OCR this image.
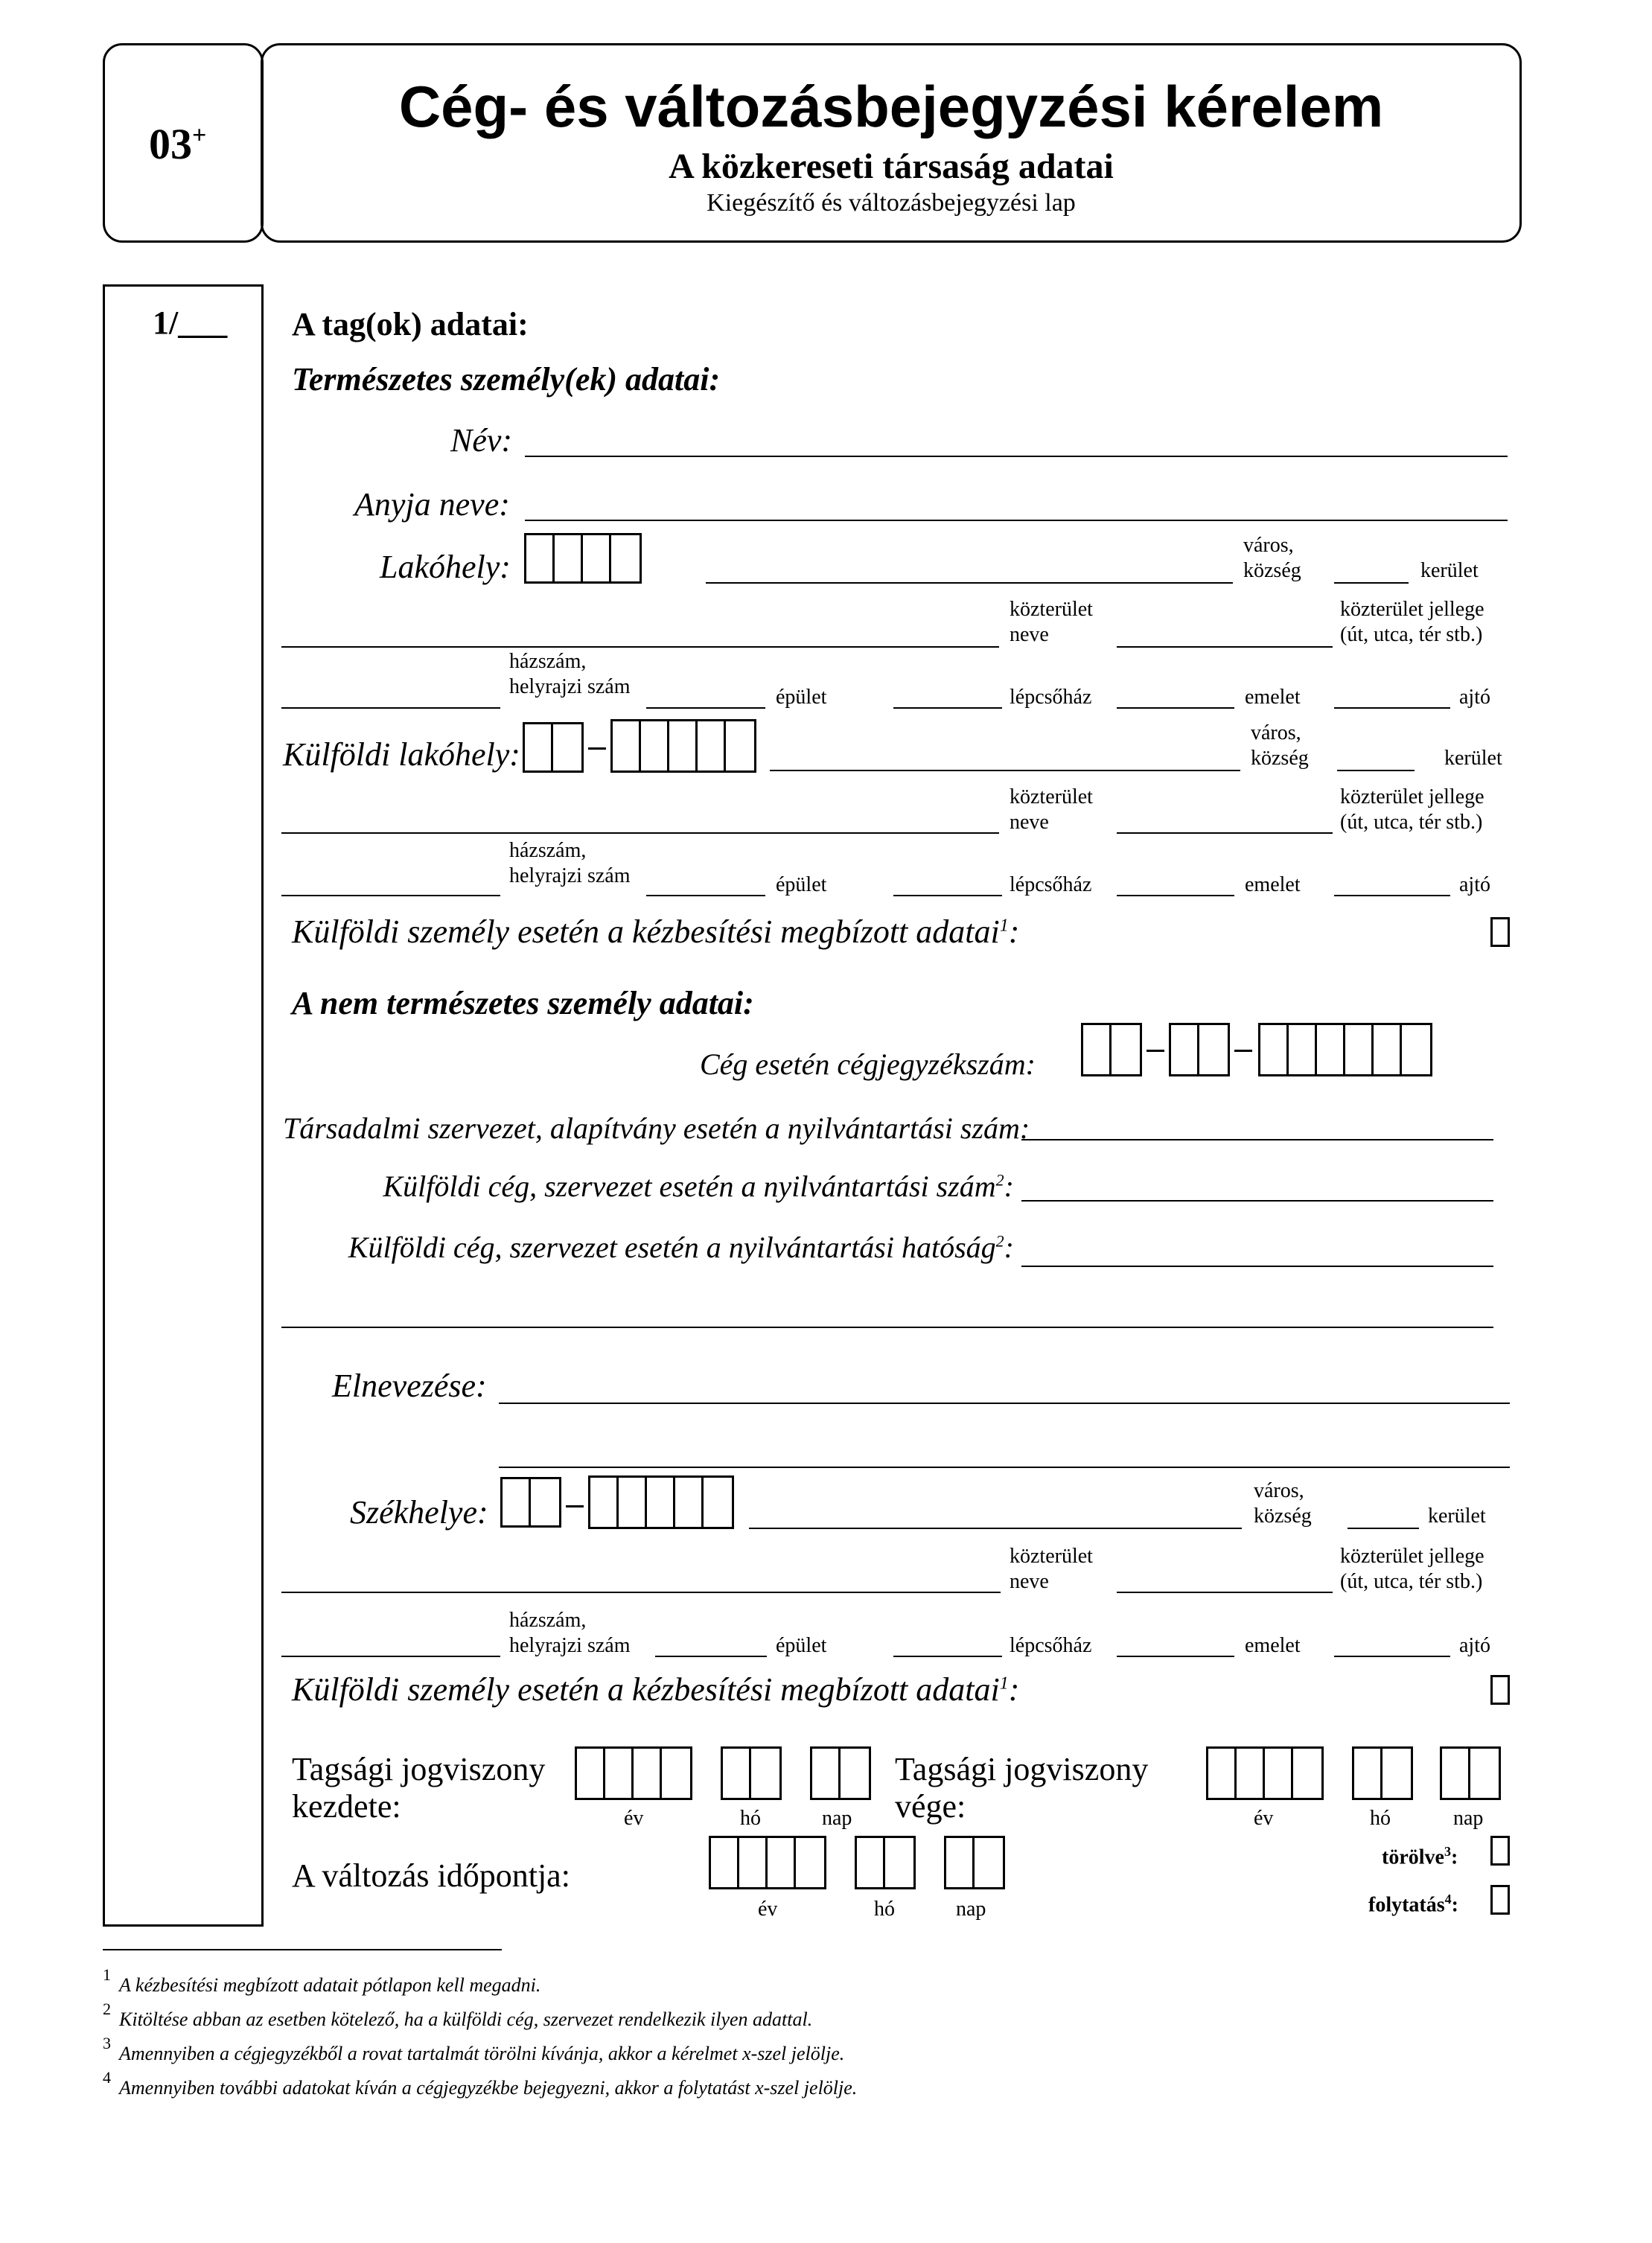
03+	Cég- és változásbejegyzési kérelem
A közkereseti társaság adatai
Kiegészítő és változásbejegyzési lap
1/___ A tag(ok) adatai:
Természetes személy(ek) adatai:
Név:
Anyja neve:
Lakóhely:
város,
község	kerület
közterület
neve
közterület jellege
(út, utca, tér stb.)
házszám,
helyrajzi szám	épület	lépcsőház	emelet	ajtó
Külföldi lakóhely:
város,
község	kerület
közterület
neve
közterület jellege
(út, utca, tér stb.)
házszám,
helyrajzi szám	épület	lépcsőház	emelet	ajtó
Külföldi személy esetén a kézbesítési megbízott adatai$^1$:
A nem természetes személy adatai:
Cég esetén cégjegyzékszám:
Társadalmi szervezet, alapítvány esetén a nyilvántartási szám:
Külföldi cég, szervezet esetén a nyilvántartási szám$^2$:
Külföldi cég, szervezet esetén a nyilvántartási hatóság$^2$:
Elnevezése:
Székhelye:
város,
község	kerület
közterület
neve
közterület jellege
(út, utca, tér stb.)
házszám,
helyrajzi szám	épület	lépcsőház	emelet	ajtó
Külföldi személy esetén a kézbesítési megbízott adatai$^1$:
Tagsági jogviszony
kezdete:	év	hó	nap
Tagsági jogviszony
vége:	év	hó	nap
A változás időpontja:
év	hó	nap
törölve$^3$:
folytatás$^4$:
1 A kézbesítési megbízott adatait pótlapon kell megadni.
2 Kitöltése abban az esetben kötelező, ha a külföldi cég, szervezet rendelkezik ilyen adattal.
3 Amennyiben a cégjegyzékből a rovat tartalmát törölni kívánja, akkor a kérelmet x-szel jelölje.
4 Amennyiben további adatokat kíván a cégjegyzékbe bejegyezni, akkor a folytatást x-szel jelölje.
